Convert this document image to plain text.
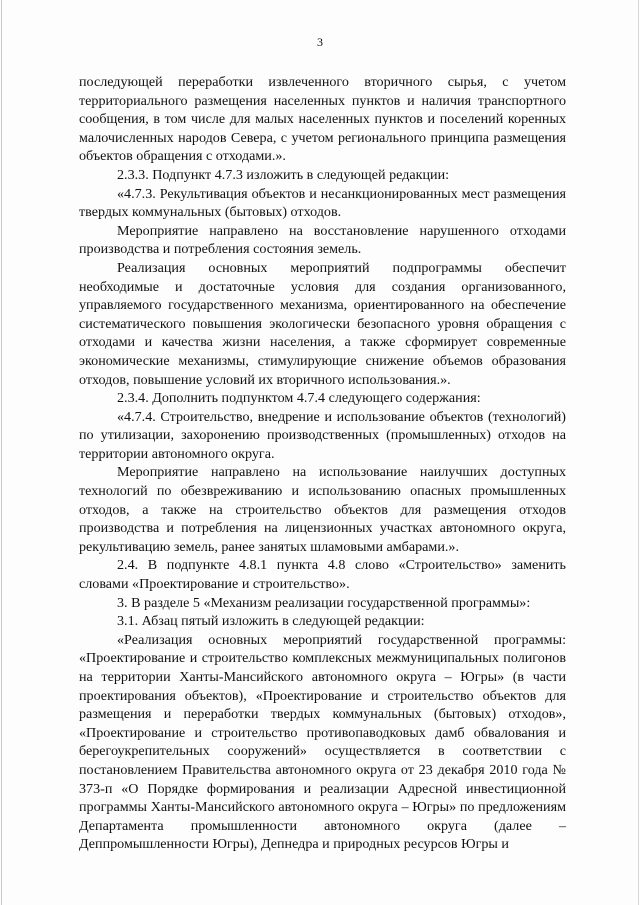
3

последующей переработки извлеченного вторичного сырья, с учетом территориального размещения населенных пунктов и наличия транспортного сообщения, в том числе для малых населенных пунктов и поселений коренных малочисленных народов Севера, с учетом регионального принципа размещения объектов обращения с отходами.».

2.3.3. Подпункт 4.7.3 изложить в следующей редакции:

«4.7.3. Рекультивация объектов и несанкционированных мест размещения твердых коммунальных (бытовых) отходов.

Мероприятие направлено на восстановление нарушенного отходами производства и потребления состояния земель.

Реализация основных мероприятий подпрограммы обеспечит необходимые и достаточные условия для создания организованного, управляемого государственного механизма, ориентированного на обеспечение систематического повышения экологически безопасного уровня обращения с отходами и качества жизни населения, а также сформирует современные экономические механизмы, стимулирующие снижение объемов образования отходов, повышение условий их вторичного использования.».

2.3.4. Дополнить подпунктом 4.7.4 следующего содержания:

«4.7.4. Строительство, внедрение и использование объектов (технологий) по утилизации, захоронению производственных (промышленных) отходов на территории автономного округа.

Мероприятие направлено на использование наилучших доступных технологий по обезвреживанию и использованию опасных промышленных отходов, а также на строительство объектов для размещения отходов производства и потребления на лицензионных участках автономного округа, рекультивацию земель, ранее занятых шламовыми амбарами.».

2.4. В подпункте 4.8.1 пункта 4.8 слово «Строительство» заменить словами «Проектирование и строительство».

3. В разделе 5 «Механизм реализации государственной программы»:

3.1. Абзац пятый изложить в следующей редакции:

«Реализация основных мероприятий государственной программы: «Проектирование и строительство комплексных межмуниципальных полигонов на территории Ханты-Мансийского автономного округа – Югры» (в части проектирования объектов), «Проектирование и строительство объектов для размещения и переработки твердых коммунальных (бытовых) отходов», «Проектирование и строительство противопаводковых дамб обвалования и берегоукрепительных сооружений» осуществляется в соответствии с постановлением Правительства автономного округа от 23 декабря 2010 года № 373-п «О Порядке формирования и реализации Адресной инвестиционной программы Ханты-Мансийского автономного округа – Югры» по предложениям Департамента промышленности автономного округа (далее – Деппромышленности Югры), Депнедра и природных ресурсов Югры и
